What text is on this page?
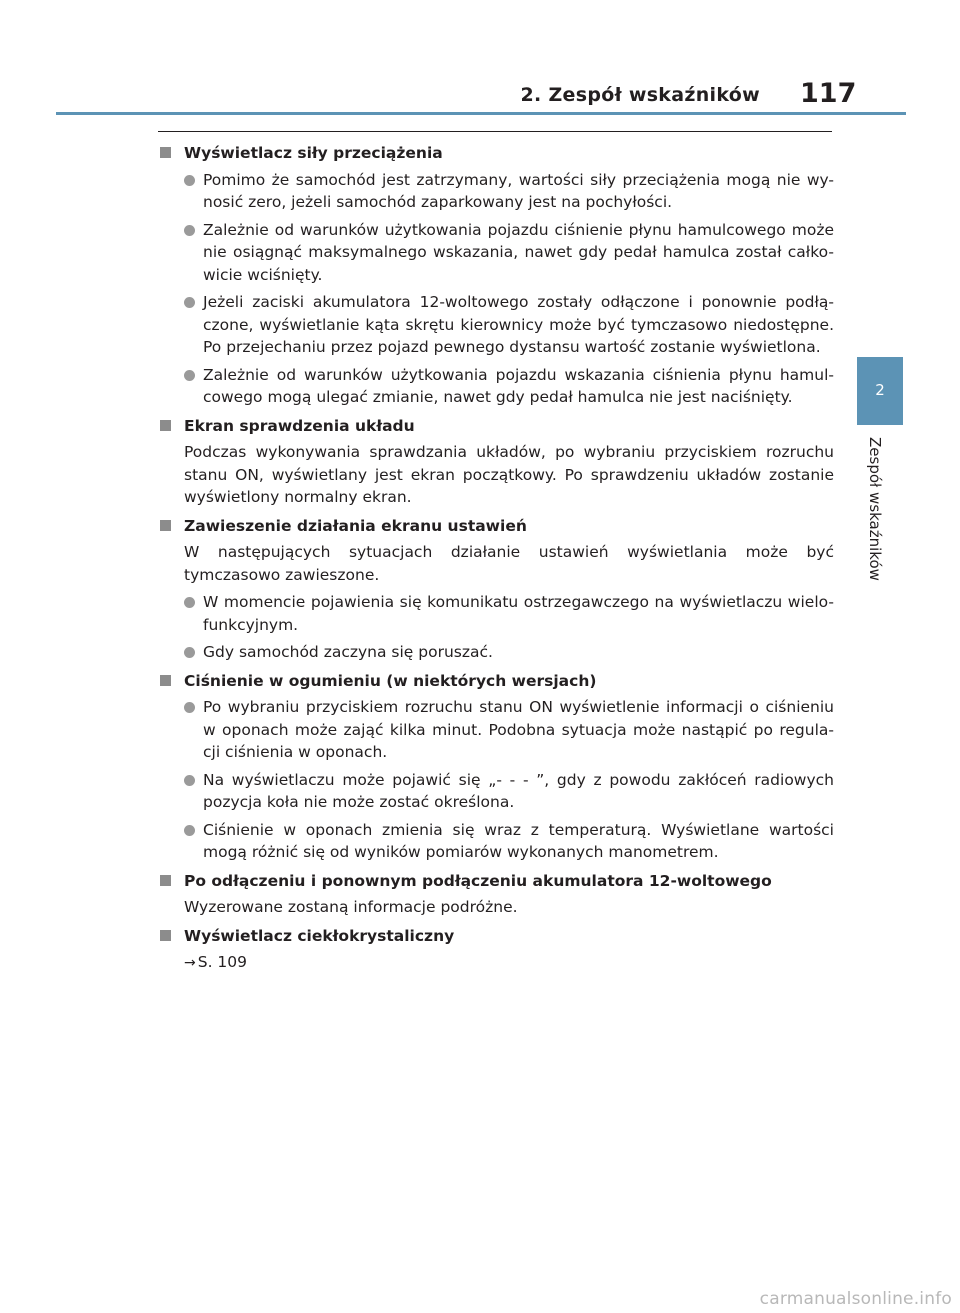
2. Zespół wskaźników 117
2
Zespół wskaźników
Wyświetlacz siły przeciążenia
Pomimo że samochód jest zatrzymany, wartości siły przeciążenia mogą nie wy-nosić zero, jeżeli samochód zaparkowany jest na pochyłości.
Zależnie od warunków użytkowania pojazdu ciśnienie płynu hamulcowego może nie osiągnąć maksymalnego wskazania, nawet gdy pedał hamulca został całko-wicie wciśnięty.
Jeżeli zaciski akumulatora 12-woltowego zostały odłączone i ponownie podłą-czone, wyświetlanie kąta skrętu kierownicy może być tymczasowo niedostępne. Po przejechaniu przez pojazd pewnego dystansu wartość zostanie wyświetlona.
Zależnie od warunków użytkowania pojazdu wskazania ciśnienia płynu hamul-cowego mogą ulegać zmianie, nawet gdy pedał hamulca nie jest naciśnięty.
Ekran sprawdzenia układu
Podczas wykonywania sprawdzania układów, po wybraniu przyciskiem rozruchu stanu ON, wyświetlany jest ekran początkowy. Po sprawdzeniu układów zostanie wyświetlony normalny ekran.
Zawieszenie działania ekranu ustawień
W następujących sytuacjach działanie ustawień wyświetlania może być tymczasowo zawieszone.
W momencie pojawienia się komunikatu ostrzegawczego na wyświetlaczu wielo-funkcyjnym.
Gdy samochód zaczyna się poruszać.
Ciśnienie w ogumieniu (w niektórych wersjach)
Po wybraniu przyciskiem rozruchu stanu ON wyświetlenie informacji o ciśnieniu w oponach może zająć kilka minut. Podobna sytuacja może nastąpić po regula-cji ciśnienia w oponach.
Na wyświetlaczu może pojawić się „- - - ”, gdy z powodu zakłóceń radiowych pozycja koła nie może zostać określona.
Ciśnienie w oponach zmienia się wraz z temperaturą. Wyświetlane wartości mogą różnić się od wyników pomiarów wykonanych manometrem.
Po odłączeniu i ponownym podłączeniu akumulatora 12-woltowego
Wyzerowane zostaną informacje podróżne.
Wyświetlacz ciekłokrystaliczny
→ S. 109
carmanualsonline.info
